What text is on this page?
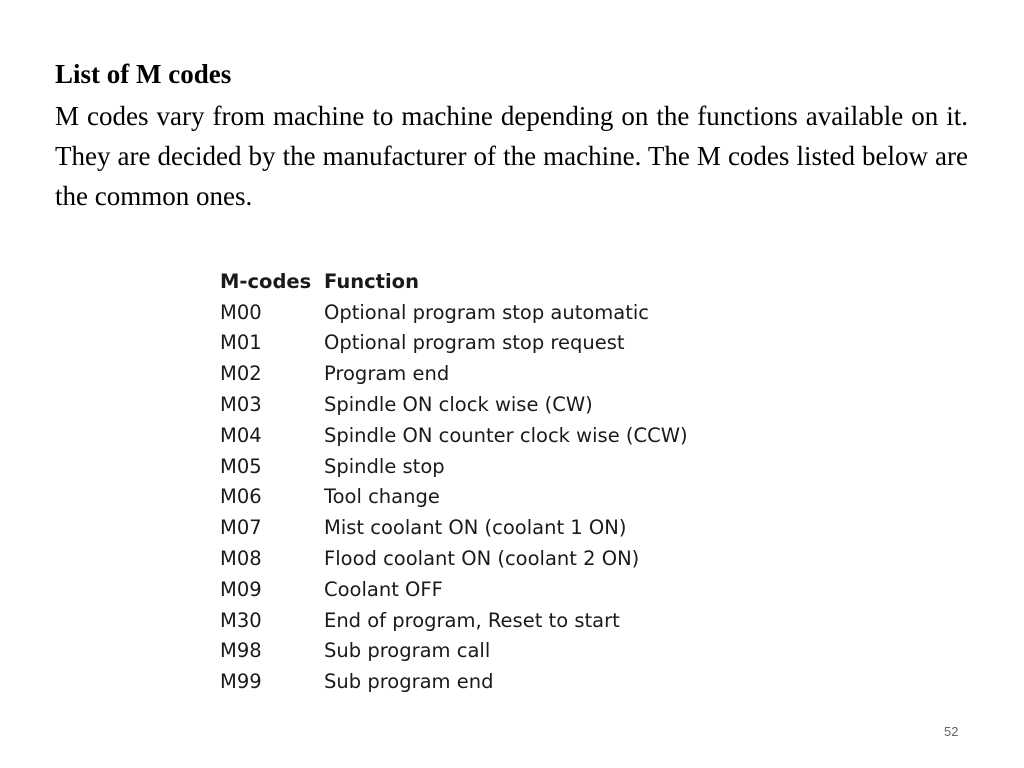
List of M codes

M codes vary from machine to machine depending on the functions available on it. They are decided by the manufacturer of the machine. The M codes listed below are the common ones.

M-codes	Function
M00	Optional program stop automatic
M01	Optional program stop request
M02	Program end
M03	Spindle ON clock wise (CW)
M04	Spindle ON counter clock wise (CCW)
M05	Spindle stop
M06	Tool change
M07	Mist coolant ON (coolant 1 ON)
M08	Flood coolant ON (coolant 2 ON)
M09	Coolant OFF
M30	End of program, Reset to start
M98	Sub program call
M99	Sub program end
52
